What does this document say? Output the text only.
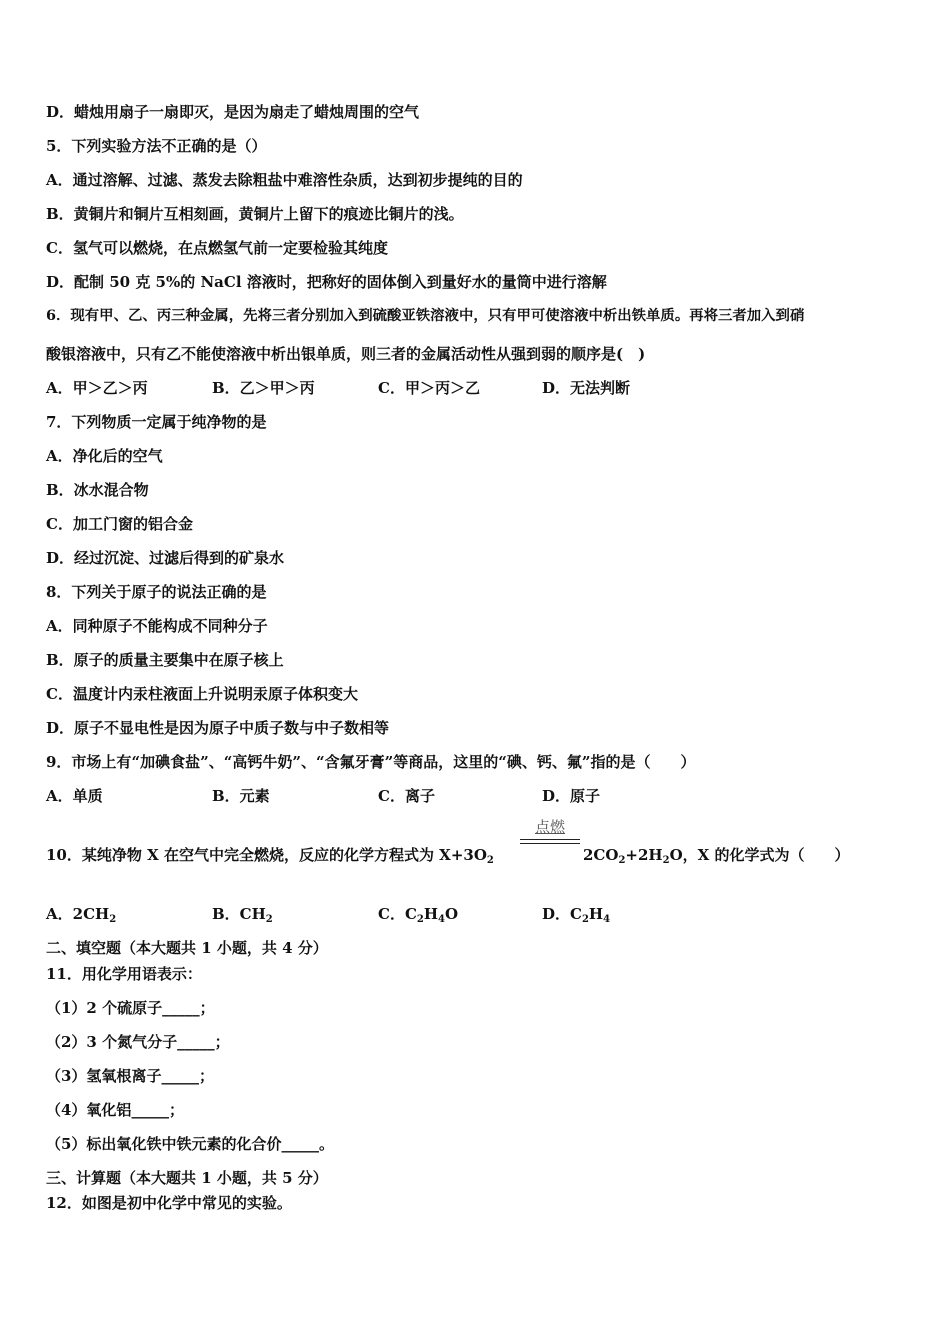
D．蜡烛用扇子一扇即灭，是因为扇走了蜡烛周围的空气
5．下列实验方法不正确的是（）
A．通过溶解、过滤、蒸发去除粗盐中难溶性杂质，达到初步提纯的目的
B．黄铜片和铜片互相刻画，黄铜片上留下的痕迹比铜片的浅。
C．氢气可以燃烧，在点燃氢气前一定要检验其纯度
D．配制 50 克 5%的 NaCl 溶液时，把称好的固体倒入到量好水的量筒中进行溶解
6．现有甲、乙、丙三种金属，先将三者分别加入到硫酸亚铁溶液中，只有甲可使溶液中析出铁单质。再将三者加入到硝
酸银溶液中，只有乙不能使溶液中析出银单质，则三者的金属活动性从强到弱的顺序是(　)
A．甲＞乙＞丙	B．乙＞甲＞丙	C．甲＞丙＞乙	D．无法判断
7．下列物质一定属于纯净物的是
A．净化后的空气
B．冰水混合物
C．加工门窗的铝合金
D．经过沉淀、过滤后得到的矿泉水
8．下列关于原子的说法正确的是
A．同种原子不能构成不同种分子
B．原子的质量主要集中在原子核上
C．温度计内汞柱液面上升说明汞原子体积变大
D．原子不显电性是因为原子中质子数与中子数相等
9．市场上有“加碘食盐”、“高钙牛奶”、“含氟牙膏”等商品，这里的“碘、钙、氟”指的是（　　）
A．单质	B．元素	C．离子	D．原子
10．某纯净物 X 在空气中完全燃烧，反应的化学方程式为 $X+3O_2$
点燃
$2CO_2+2H_2O$，X 的化学式为（　　）
A．$2CH_2$	B．$CH_2$	C．$C_2H_4O$	D．$C_2H_4$
二、填空题（本大题共 1 小题，共 4 分）
11．用化学用语表示：
（1）2 个硫原子_____；
（2）3 个氮气分子_____；
（3）氢氧根离子_____；
（4）氧化铝_____；
（5）标出氧化铁中铁元素的化合价_____。
三、计算题（本大题共 1 小题，共 5 分）
12．如图是初中化学中常见的实验。
